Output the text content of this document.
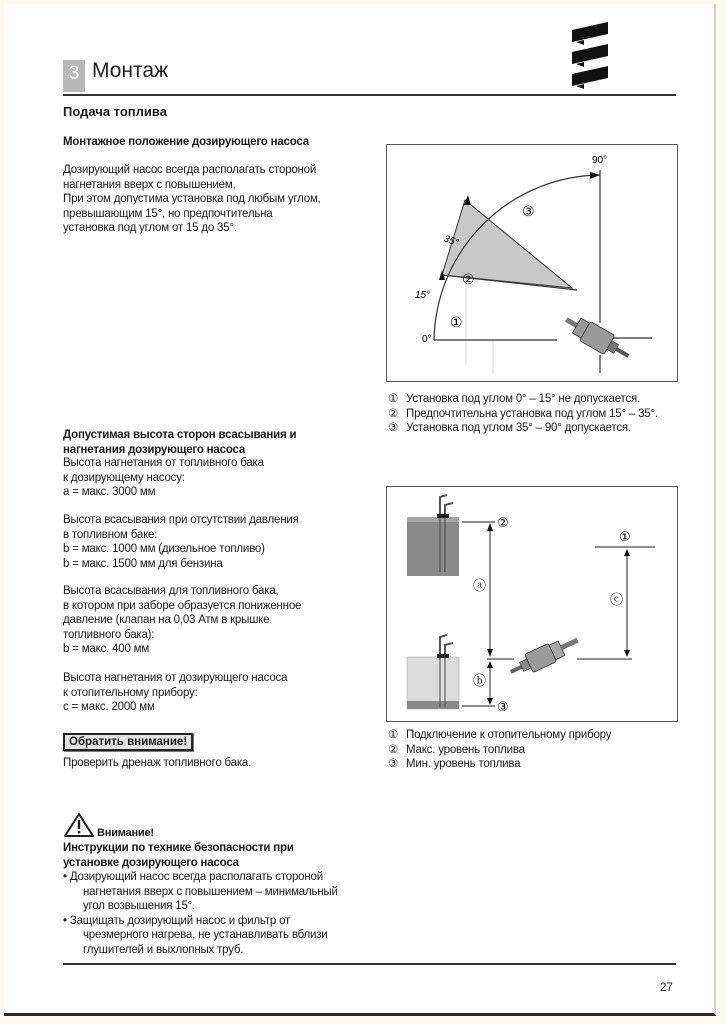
3 Монтаж
Подача топлива
Монтажное положение дозирующего насоса
Дозирующий насос всегда располагать стороной
нагнетания вверх с повышением.
При этом допустима установка под любым углом,
превышающим 15°, но предпочтительна
установка под углом от 15 до 35°.
0°
15°
35°
90°
①
②
③
① Установка под углом 0° – 15° не допускается.
② Предпочтительна установка под углом 15° – 35°.
③ Установка под углом 35° – 90° допускается.
Допустимая высота сторон всасывания и
нагнетания дозирующего насоса
Высота нагнетания от топливного бака
к дозирующему насосу:
a = макс. 3000 мм
Высота всасывания при отсутствии давления
в топливном баке:
b = макс. 1000 мм (дизельное топливо)
b = макс. 1500 мм для бензина
Высота всасывания для топливного бака,
в котором при заборе образуется пониженное
давление (клапан на 0,03 Атм в крышке
топливного бака):
b = макс. 400 мм
Высота нагнетания от дозирующего насоса
к отопительному прибору:
c = макс. 2000 мм
②
①
③
ⓐ
ⓑ
ⓒ
① Подключение к отопительному прибору
② Макс. уровень топлива
③ Мин. уровень топлива
Обратить внимание!
Проверить дренаж топливного бака.
Внимание!
Инструкции по технике безопасности при
установке дозирующего насоса
• Дозирующий насос всегда располагать стороной
нагнетания вверх с повышением – минимальный
угол возвышения 15°.
• Защищать дозирующий насос и фильтр от
чрезмерного нагрева, не устанавливать вблизи
глушителей и выхлопных труб.
27
